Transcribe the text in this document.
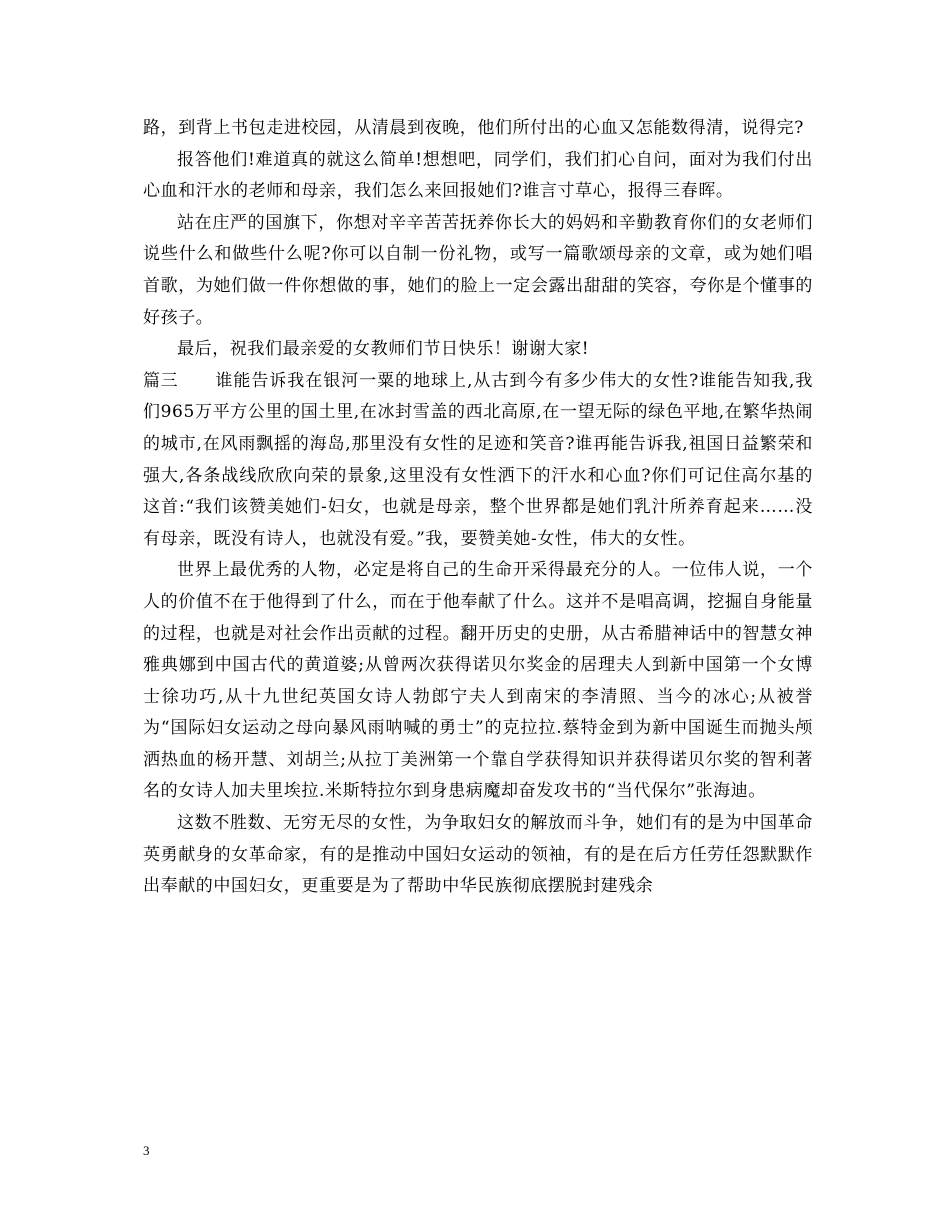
路，到背上书包走进校园，从清晨到夜晚，他们所付出的心血又怎能数得清，说得完?

报答他们!难道真的就这么简单!想想吧，同学们，我们扪心自问，面对为我们付出心血和汗水的老师和母亲，我们怎么来回报她们?谁言寸草心，报得三春晖。

站在庄严的国旗下，你想对辛辛苦苦抚养你长大的妈妈和辛勤教育你们的女老师们说些什么和做些什么呢?你可以自制一份礼物，或写一篇歌颂母亲的文章，或为她们唱首歌，为她们做一件你想做的事，她们的脸上一定会露出甜甜的笑容，夸你是个懂事的好孩子。

最后，祝我们最亲爱的女教师们节日快乐！谢谢大家!

篇三 谁能告诉我在银河一粟的地球上,从古到今有多少伟大的女性?谁能告知我,我们965万平方公里的国土里,在冰封雪盖的西北高原,在一望无际的绿色平地,在繁华热闹的城市,在风雨飘摇的海岛,那里没有女性的足迹和笑音?谁再能告诉我,祖国日益繁荣和强大,各条战线欣欣向荣的景象,这里没有女性洒下的汗水和心血?你们可记住高尔基的这首:“我们该赞美她们-妇女，也就是母亲，整个世界都是她们乳汁所养育起来……没有母亲，既没有诗人，也就没有爱。”我，要赞美她-女性，伟大的女性。

世界上最优秀的人物，必定是将自己的生命开采得最充分的人。一位伟人说，一个人的价值不在于他得到了什么，而在于他奉献了什么。这并不是唱高调，挖掘自身能量的过程，也就是对社会作出贡献的过程。翻开历史的史册，从古希腊神话中的智慧女神雅典娜到中国古代的黄道婆;从曾两次获得诺贝尔奖金的居理夫人到新中国第一个女博士徐功巧,从十九世纪英国女诗人勃郎宁夫人到南宋的李清照、当今的冰心;从被誉为“国际妇女运动之母向暴风雨呐喊的勇士”的克拉拉.蔡特金到为新中国诞生而抛头颅洒热血的杨开慧、刘胡兰;从拉丁美洲第一个靠自学获得知识并获得诺贝尔奖的智利著名的女诗人加夫里埃拉.米斯特拉尔到身患病魔却奋发攻书的“当代保尔”张海迪。

这数不胜数、无穷无尽的女性，为争取妇女的解放而斗争，她们有的是为中国革命英勇献身的女革命家，有的是推动中国妇女运动的领袖，有的是在后方任劳任怨默默作出奉献的中国妇女，更重要是为了帮助中华民族彻底摆脱封建残余

3
